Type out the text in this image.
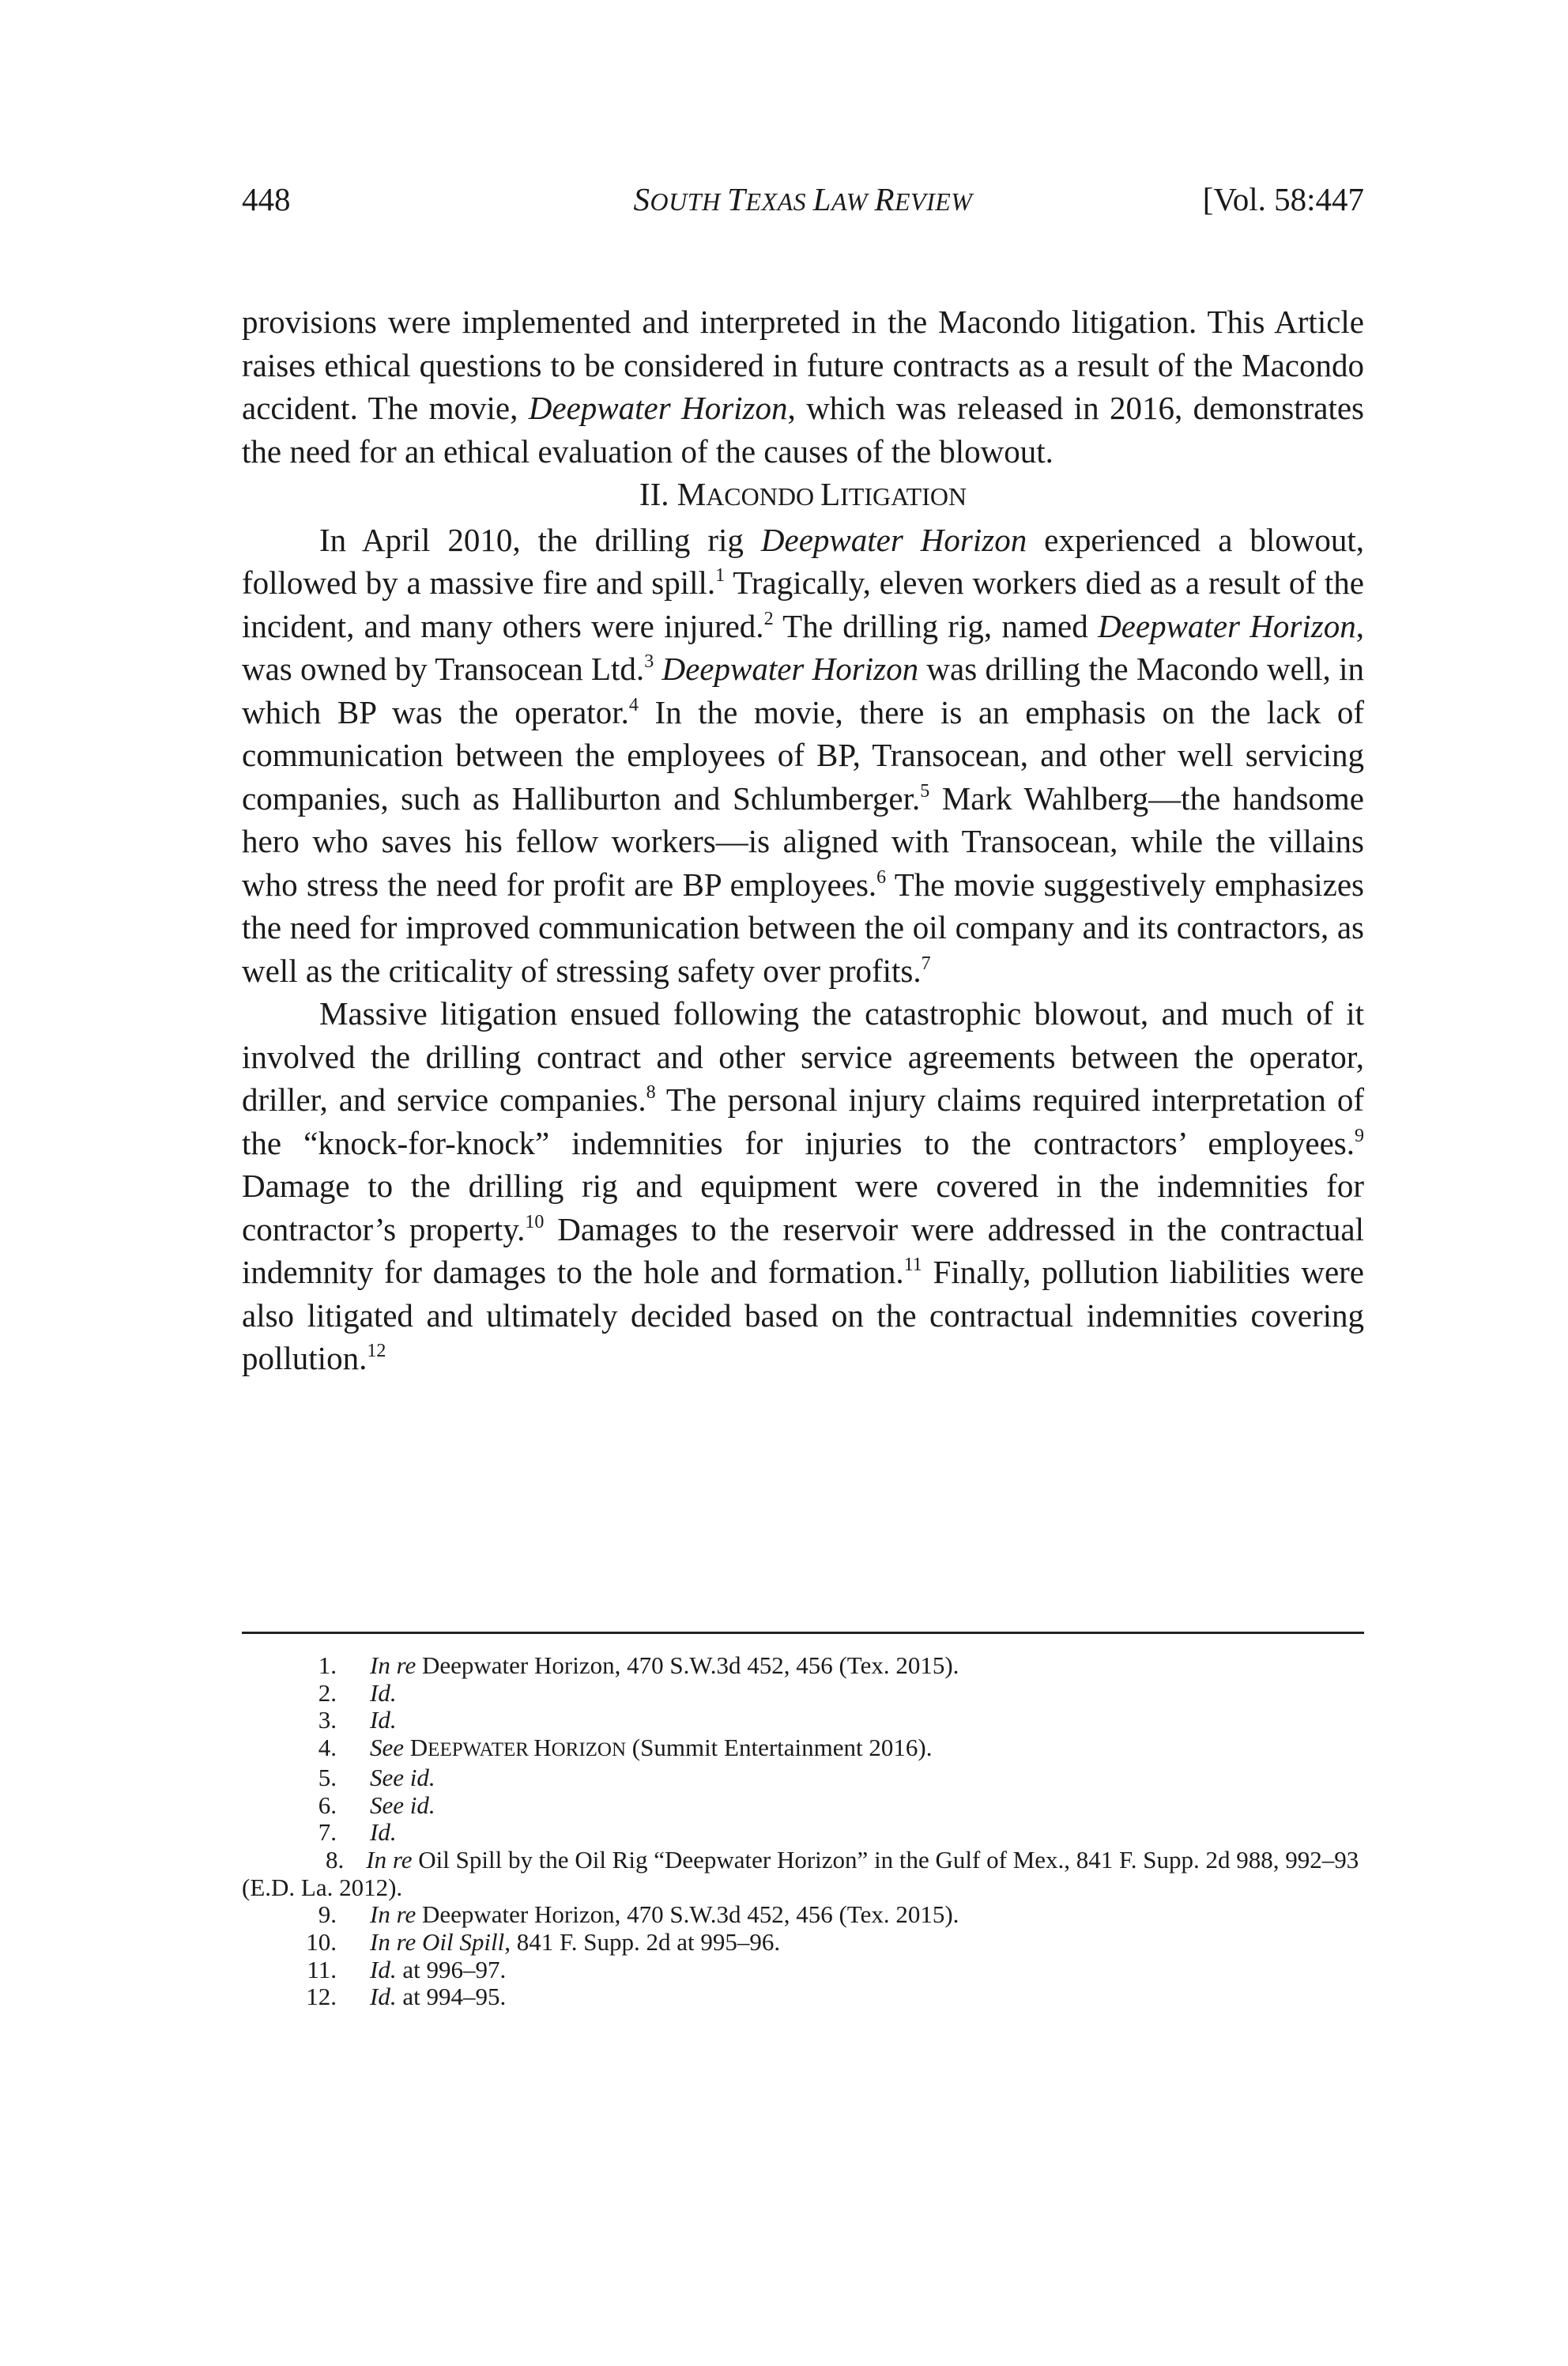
448	SOUTH TEXAS LAW REVIEW	[Vol. 58:447

provisions were implemented and interpreted in the Macondo litigation. This Article raises ethical questions to be considered in future contracts as a result of the Macondo accident. The movie, Deepwater Horizon, which was released in 2016, demonstrates the need for an ethical evaluation of the causes of the blowout.

II. MACONDO LITIGATION

In April 2010, the drilling rig Deepwater Horizon experienced a blowout, followed by a massive fire and spill.$^1$ Tragically, eleven workers died as a result of the incident, and many others were injured.$^2$ The drilling rig, named Deepwater Horizon, was owned by Transocean Ltd.$^3$ Deepwater Horizon was drilling the Macondo well, in which BP was the operator.$^4$ In the movie, there is an emphasis on the lack of communication between the employees of BP, Transocean, and other well servicing companies, such as Halliburton and Schlumberger.$^5$ Mark Wahlberg—the handsome hero who saves his fellow workers—is aligned with Transocean, while the villains who stress the need for profit are BP employees.$^6$ The movie suggestively emphasizes the need for improved communication between the oil company and its contractors, as well as the criticality of stressing safety over profits.$^7$

Massive litigation ensued following the catastrophic blowout, and much of it involved the drilling contract and other service agreements between the operator, driller, and service companies.$^8$ The personal injury claims required interpretation of the “knock-for-knock” indemnities for injuries to the contractors’ employees.$^9$ Damage to the drilling rig and equipment were covered in the indemnities for contractor’s property.$^{10}$ Damages to the reservoir were addressed in the contractual indemnity for damages to the hole and formation.$^{11}$ Finally, pollution liabilities were also litigated and ultimately decided based on the contractual indemnities covering pollution.$^{12}$

1.	In re Deepwater Horizon, 470 S.W.3d 452, 456 (Tex. 2015).
2.	Id.
3.	Id.
4.	See DEEPWATER HORIZON (Summit Entertainment 2016).
5.	See id.
6.	See id.
7.	Id.
8. In re Oil Spill by the Oil Rig “Deepwater Horizon” in the Gulf of Mex., 841 F. Supp. 2d 988, 992–93 (E.D. La. 2012).
9.	In re Deepwater Horizon, 470 S.W.3d 452, 456 (Tex. 2015).
10.	In re Oil Spill, 841 F. Supp. 2d at 995–96.
11.	Id. at 996–97.
12.	Id. at 994–95.
